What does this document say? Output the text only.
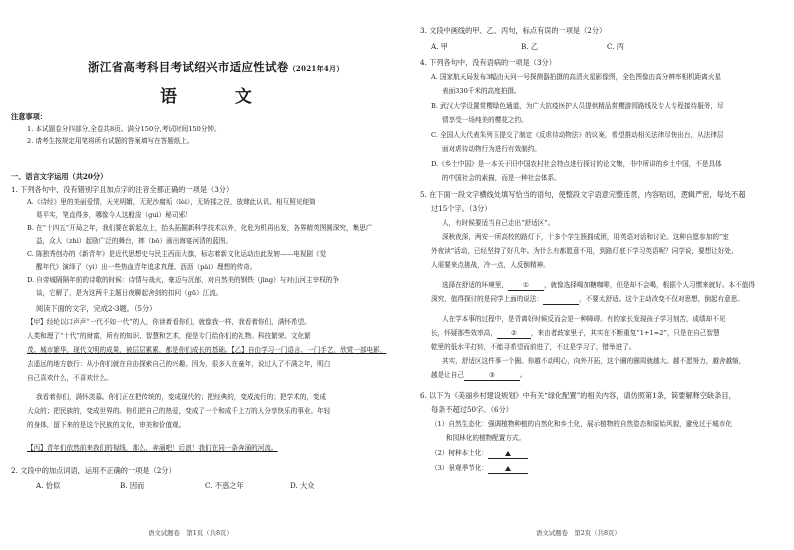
浙江省高考科目考试绍兴市适应性试卷（2021年4月）
语 文
注意事项：
1. 本试题卷分四部分,全卷共8页。满分150分,考试时间150分钟。
2. 请考生按规定用笔将所有试题的答案填写在答题纸上。
一、语言文字运用（共20分）
1. 下列各句中，没有错别字且加点字的注音全都正确的一项是（3分）
A.《诗经》里的美丽爱情，天光明媚，无泥沙腐垢（lèi），无矫揉之涅，放肆此认讥、相互照见便简
易平实，笔直得多，哪像今人这般浚（guì）秘司邪！
B. 在“十四五”开局之年，我们要在新起点上，抬头拓掘新科学技术以外，化危为机再出发，各界精英图圆深究，集思广
益，众人（zhì）起励广泛的舞台，摔（bō）画出海宴河清的蓝图。
C. 陈独秀创办的《新青年》是近代思想史与民主西而大旗，标志着新文化运动由此发轫——电视剧《觉
醒年代》演绎了（yì）出一些热血青年追求真理、沥沥（pài）理想的传奇。
D. 自帝城隔隔年前的诗歌的时候：诗情与战火，豪迈与沉郁，对自然美的钢铁（jīng）与对山河主宰权的争
谈，它解了，是为这两千主题日夜聊起舍剑的扣问（gū）江流。
阅读下面的文字，完成2-3题。（5分）
【甲】经纶以口声声“一代不如一代”的人，你读着看你们，就像我一样，我看着你们，满怀希望。
人类和理了“十代”的财富，所有的知识、智慧和艺术，便是专门给你们的礼物。科技繁荣、文化繁
茂、城市繁华，现代文明的成果，被层层累累，都是你们成长的基础。【乙】自由学习一门语言、一门手艺，欣赏一部电影，
去遥远的地方旅行：从小你们就在自由探索自己的兴趣。因为，很多人在童年，说过人了不满之年，明白
自己喜欢什么，不喜欢什么。
我看着你们，满怀羡慕。你们正在把传统的，变成现代的；把经典的，变成流行的；把学术的，变成
大众的；把民族的，变成世界的。你们把自己的热爱，变成了一个和成千上万的人分享快乐的事业。年轻
的身体，留下来的是这个民族的文化，审美和价值观。
【丙】青年们依然前来我们的视线，那么，奔涌吧！后浪！我们在同一条奔涌的河流。
2. 文段中的加点词语，运用不正确的一项是（2分）
A. 恰似	B. 因而	C. 不惑之年	D. 大众
语文试题卷　第1页（共8页）
3. 文段中画线的甲、乙、丙句，标点有误的一项是（2分）
A. 甲	B. 乙	C. 丙
4. 下列各句中，没有语病的一项是（3分）
A. 国家航天局发布3幅由天问一号探测器拍摄的高清火星影像图，全色图像由高分辨率相机距离火星
表面330千米的高度拍摄。
B. 武汉大学设置赏樱绿色通道，为广大抗疫医护人员提供精品赏樱游园路线及专人专程接待服务，尽
情享受一场纯美的樱花之约。
C. 全国人大代表朱列玉提交了制定《反虐待动物法》的议案，希望推动相关法律尽快出台，从法律层
面对虐待动物行为进行有效制约。
D.《乡土中国》是一本关于旧中国农村社会特点进行探讨的论文集，书中所讲的乡土中国，不是具体
的中国社会的素描，而是一种社会体系。
5. 在下面一段文字横线处填写恰当的语句，使整段文字语意完整连贯，内容贴切，逻辑严密，每处不超
过15个字。（3分）
人，有时候要适当自己走出“舒适区”。
深秋夜深，两安一所高校的路灯下，十多个学生簇拥成团，用英语对话和讨论。这种自愿参加的“室
外夜读”活动，已经坚持了好几年。为什么有都愿意不用，到路灯底下学习英语呢？同学说，要想让好处，
人需要来点挑战，冷一点，人反倒精神。
选择在舒适的环境里， ① ，就像选择喝加糖咖啡，但是却不会喝，根据个人习惯来就好。本不值得
深究，值得探讨的是同学上面的说法：	，不要太舒适。这个主动改变不仅对思想，倒起有意思。
人在学本事的过程中，是背离好时候反而会是一种障碍。有的家长发现孩子学习刻苦，成绩却不见
长，怀疑那些效率高， ② ，来由者歧家里子，其实在不断重复“1+1=2”，只是在自己智慧
乾里的低水平打转，不能寻希望而前进了，不过是学习了，错举进了。
其实，舒适区这件事一个圈。你越不动明心，向外开拓，这个圈的圈周就越大。越不愿努力，越舍越缩，
越是让自己	③	。
6. 以下为《美丽乡村建设规划》中有关“绿化配置”的相关内容，请仿照第1条，简要解释空缺条目，
每条不超过50字。（6分）
（1）自然生态化：强调植物种植的自然化和乡土化，展示植物的自然姿态和原始风貌，避免过于城市化
和园林化的植物配置方式。
（2）树种本土化：
（3）景观季节化：
语文试题卷　第2页（共8页）
